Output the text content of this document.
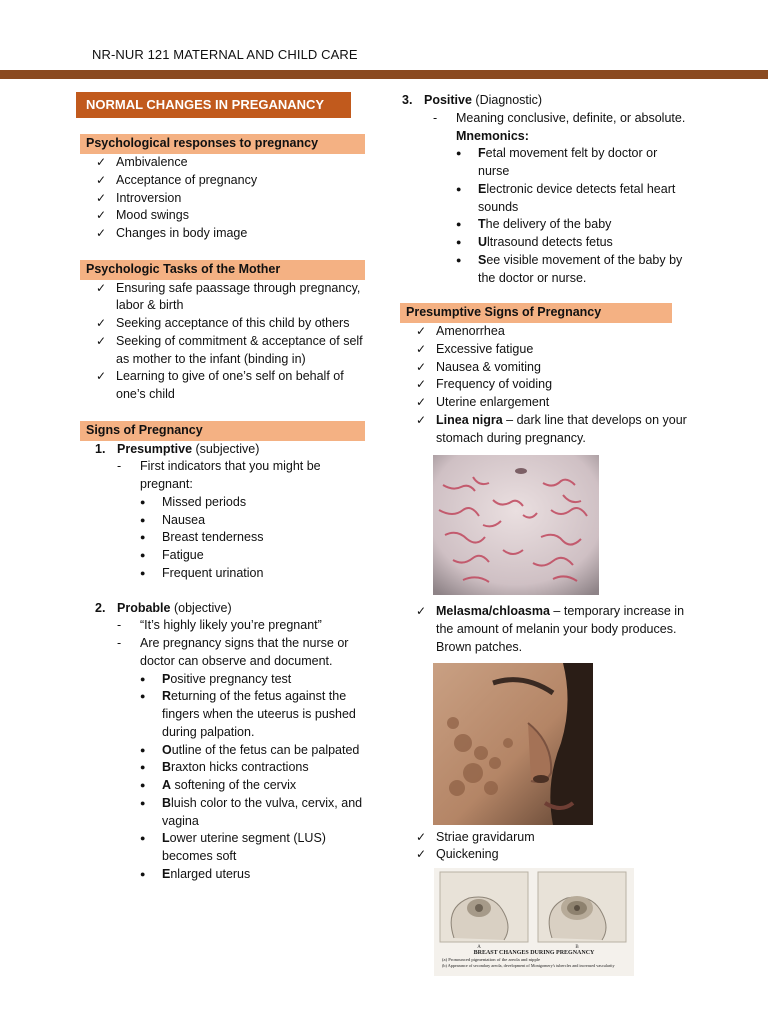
NR-NUR 121 MATERNAL AND CHILD CARE
NORMAL CHANGES IN PREGANANCY
Psychological responses to pregnancy
✓ Ambivalence
✓ Acceptance of pregnancy
✓ Introversion
✓ Mood swings
✓ Changes in body image
Psychologic Tasks of the Mother
✓ Ensuring safe paassage through pregnancy, labor & birth
✓ Seeking acceptance of this child by others
✓ Seeking of commitment & acceptance of self as mother to the infant (binding in)
✓ Learning to give of one’s self on behalf of one’s child
Signs of Pregnancy
1. Presumptive (subjective)
- First indicators that you might be pregnant:
● Missed periods
● Nausea
● Breast tenderness
● Fatigue
● Frequent urination
2. Probable (objective)
- “It’s highly likely you’re pregnant”
- Are pregnancy signs that the nurse or doctor can observe and document.
● Positive pregnancy test
● Returning of the fetus against the fingers when the uteerus is pushed during palpation.
● Outline of the fetus can be palpated
● Braxton hicks contractions
● A softening of the cervix
● Bluish color to the vulva, cervix, and vagina
● Lower uterine segment (LUS) becomes soft
● Enlarged uterus
3. Positive (Diagnostic)
- Meaning conclusive, definite, or absolute.
Mnemonics:
● Fetal movement felt by doctor or nurse
● Electronic device detects fetal heart sounds
● The delivery of the baby
● Ultrasound detects fetus
● See visible movement of the baby by the doctor or nurse.
Presumptive Signs of Pregnancy
✓ Amenorrhea
✓ Excessive fatigue
✓ Nausea & vomiting
✓ Frequency of voiding
✓ Uterine enlargement
✓ Linea nigra – dark line that develops on your stomach during pregnancy.
✓ Melasma/chloasma – temporary increase in the amount of melanin your body produces. Brown patches.
✓ Striae gravidarum
✓ Quickening
A	B
BREAST CHANGES DURING PREGNANCY
(a) Pronounced pigmentation of the areola and nipple
(b) Appearance of secondary areola, development of Montgomery's tubercles and increased vascularity
